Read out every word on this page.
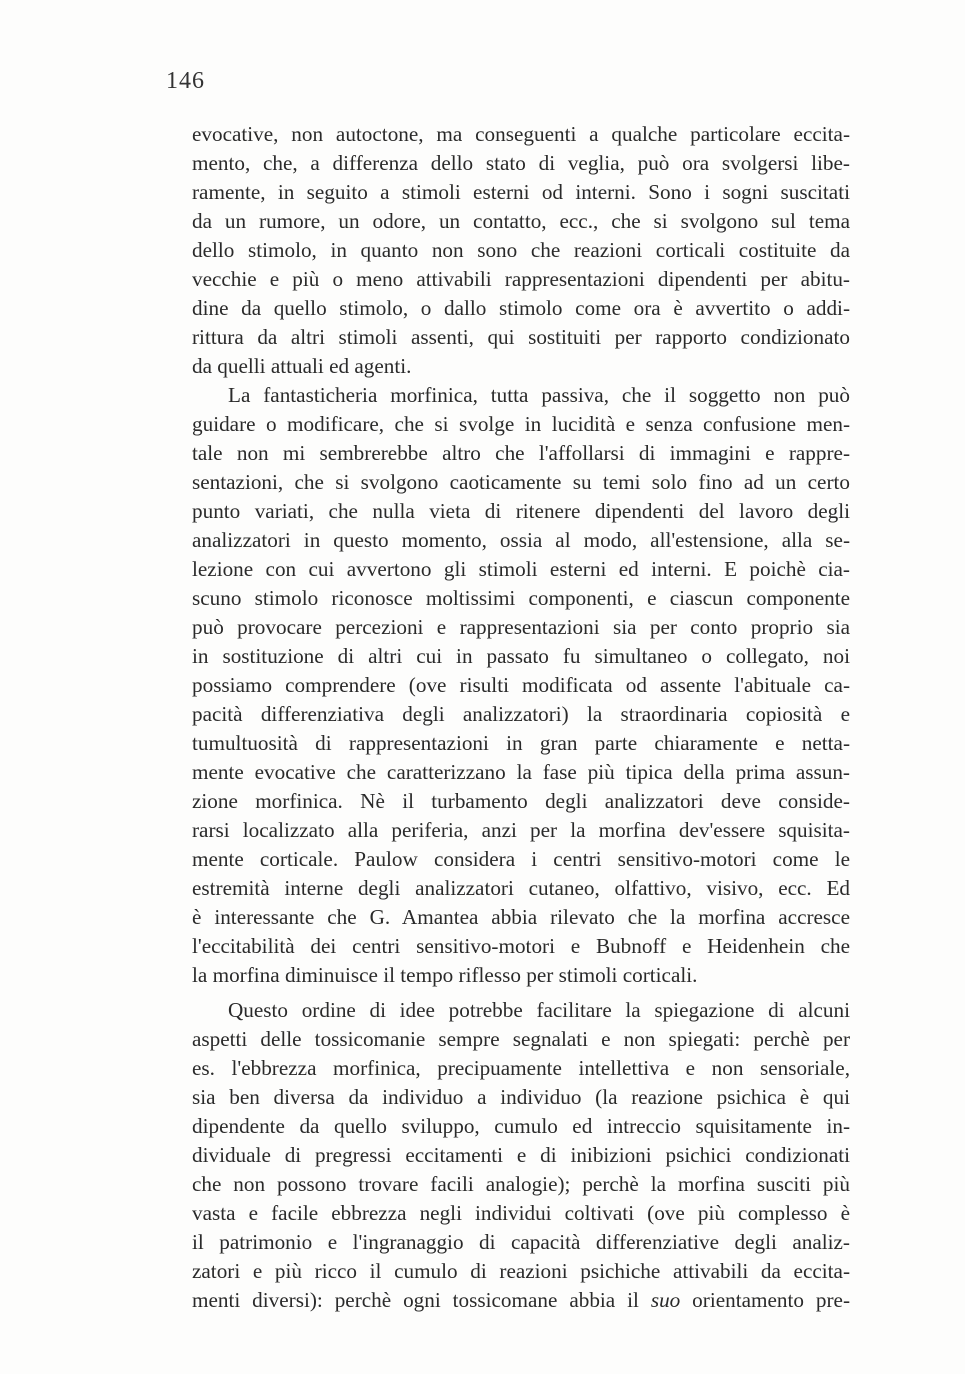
146
evocative, non autoctone, ma conseguenti a qualche particolare eccita-
mento, che, a differenza dello stato di veglia, può ora svolgersi libe-
ramente, in seguito a stimoli esterni od interni. Sono i sogni suscitati
da un rumore, un odore, un contatto, ecc., che si svolgono sul tema
dello stimolo, in quanto non sono che reazioni corticali costituite da
vecchie e più o meno attivabili rappresentazioni dipendenti per abitu-
dine da quello stimolo, o dallo stimolo come ora è avvertito o addi-
rittura da altri stimoli assenti, qui sostituiti per rapporto condizionato
da quelli attuali ed agenti.
La fantasticheria morfinica, tutta passiva, che il soggetto non può
guidare o modificare, che si svolge in lucidità e senza confusione men-
tale non mi sembrerebbe altro che l'affollarsi di immagini e rappre-
sentazioni, che si svolgono caoticamente su temi solo fino ad un certo
punto variati, che nulla vieta di ritenere dipendenti del lavoro degli
analizzatori in questo momento, ossia al modo, all'estensione, alla se-
lezione con cui avvertono gli stimoli esterni ed interni. E poichè cia-
scuno stimolo riconosce moltissimi componenti, e ciascun componente
può provocare percezioni e rappresentazioni sia per conto proprio sia
in sostituzione di altri cui in passato fu simultaneo o collegato, noi
possiamo comprendere (ove risulti modificata od assente l'abituale ca-
pacità differenziativa degli analizzatori) la straordinaria copiosità e
tumultuosità di rappresentazioni in gran parte chiaramente e netta-
mente evocative che caratterizzano la fase più tipica della prima assun-
zione morfinica. Nè il turbamento degli analizzatori deve conside-
rarsi localizzato alla periferia, anzi per la morfina dev'essere squisita-
mente corticale. Paulow considera i centri sensitivo-motori come le
estremità interne degli analizzatori cutaneo, olfattivo, visivo, ecc. Ed
è interessante che G. Amantea abbia rilevato che la morfina accresce
l'eccitabilità dei centri sensitivo-motori e Bubnoff e Heidenhein che
la morfina diminuisce il tempo riflesso per stimoli corticali.
Questo ordine di idee potrebbe facilitare la spiegazione di alcuni
aspetti delle tossicomanie sempre segnalati e non spiegati: perchè per
es. l'ebbrezza morfinica, precipuamente intellettiva e non sensoriale,
sia ben diversa da individuo a individuo (la reazione psichica è qui
dipendente da quello sviluppo, cumulo ed intreccio squisitamente in-
dividuale di pregressi eccitamenti e di inibizioni psichici condizionati
che non possono trovare facili analogie); perchè la morfina susciti più
vasta e facile ebbrezza negli individui coltivati (ove più complesso è
il patrimonio e l'ingranaggio di capacità differenziative degli analiz-
zatori e più ricco il cumulo di reazioni psichiche attivabili da eccita-
menti diversi): perchè ogni tossicomane abbia il suo orientamento pre-
